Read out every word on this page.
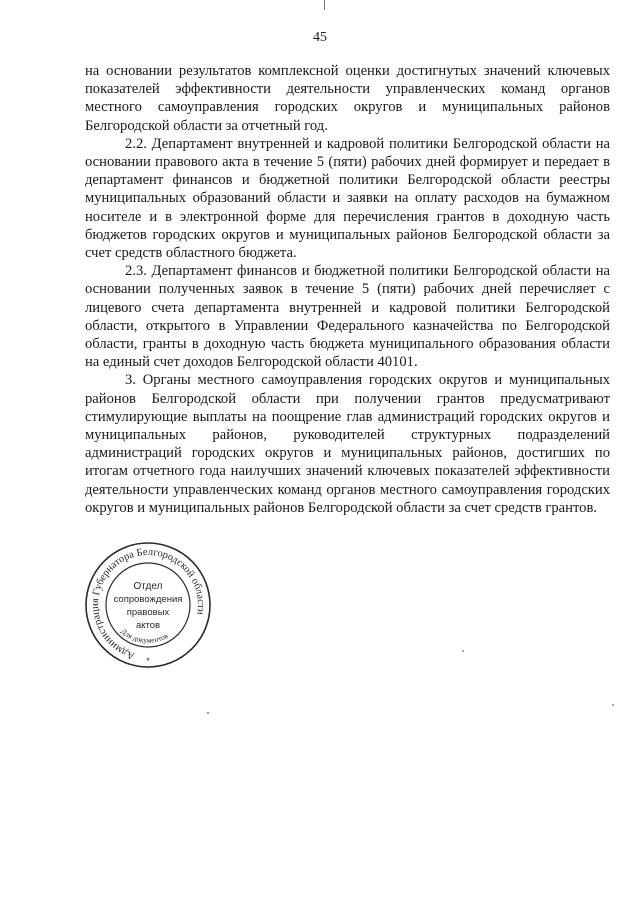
45

на основании результатов комплексной оценки достигнутых значений ключевых показателей эффективности деятельности управленческих команд органов местного самоуправления городских округов и муниципальных районов Белгородской области за отчетный год.

2.2. Департамент внутренней и кадровой политики Белгородской области на основании правового акта в течение 5 (пяти) рабочих дней формирует и передает в департамент финансов и бюджетной политики Белгородской области реестры муниципальных образований области и заявки на оплату расходов на бумажном носителе и в электронной форме для перечисления грантов в доходную часть бюджетов городских округов и муниципальных районов Белгородской области за счет средств областного бюджета.

2.3. Департамент финансов и бюджетной политики Белгородской области на основании полученных заявок в течение 5 (пяти) рабочих дней перечисляет с лицевого счета департамента внутренней и кадровой политики Белгородской области, открытого в Управлении Федерального казначейства по Белгородской области, гранты в доходную часть бюджета муниципального образования области на единый счет доходов Белгородской области 40101.

3. Органы местного самоуправления городских округов и муниципальных районов Белгородской области при получении грантов предусматривают стимулирующие выплаты на поощрение глав администраций городских округов и муниципальных районов, руководителей структурных подразделений администраций городских округов и муниципальных районов, достигших по итогам отчетного года наилучших значений ключевых показателей эффективности деятельности управленческих команд органов местного самоуправления городских округов и муниципальных районов Белгородской области за счет средств грантов.

Администрация Губернатора Белгородской области
Для документов
Отдел
сопровождения
правовых
актов
*
